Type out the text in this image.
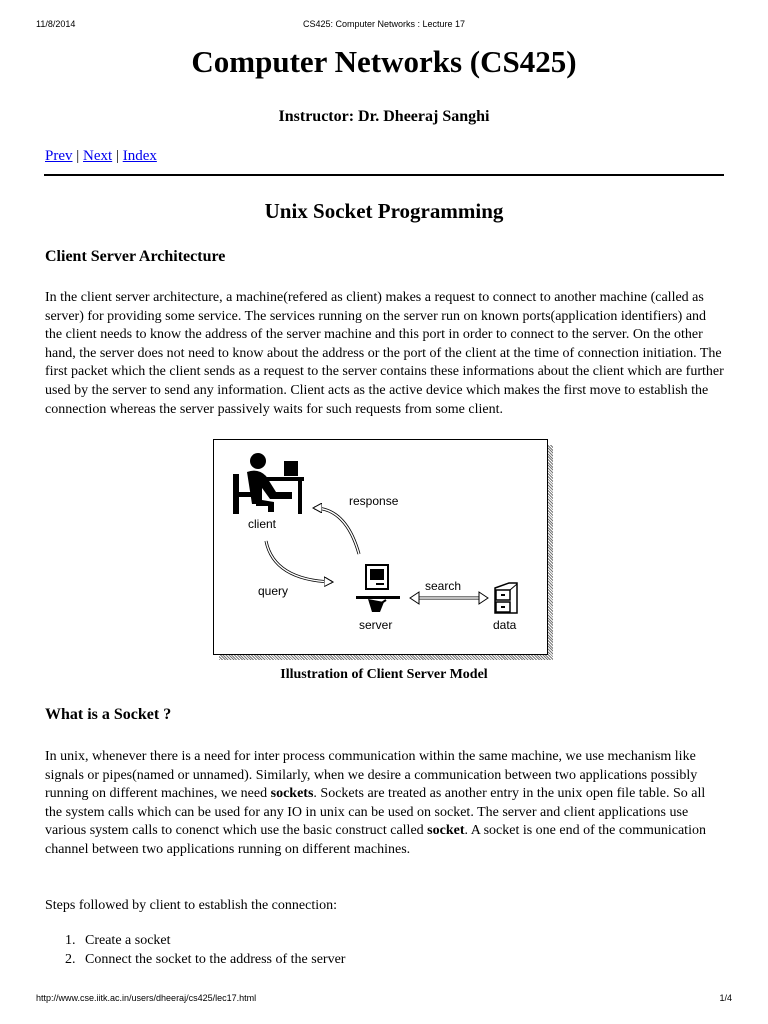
11/8/2014	CS425: Computer Networks : Lecture 17
Computer Networks (CS425)
Instructor: Dr. Dheeraj Sanghi
Prev | Next | Index
Unix Socket Programming
Client Server Architecture
In the client server architecture, a machine(refered as client) makes a request to connect to another machine (called as server) for providing some service. The services running on the server run on known ports(application identifiers) and the client needs to know the address of the server machine and this port in order to connect to the server. On the other hand, the server does not need to know about the address or the port of the client at the time of connection initiation. The first packet which the client sends as a request to the server contains these informations about the client which are further used by the server to send any information. Client acts as the active device which makes the first move to establish the connection whereas the server passively waits for such requests from some client.
client
response
query
server
search
data
Illustration of Client Server Model
What is a Socket ?
In unix, whenever there is a need for inter process communication within the same machine, we use mechanism like signals or pipes(named or unnamed). Similarly, when we desire a communication between two applications possibly running on different machines, we need sockets. Sockets are treated as another entry in the unix open file table. So all the system calls which can be used for any IO in unix can be used on socket. The server and client applications use various system calls to conenct which use the basic construct called socket. A socket is one end of the communication channel between two applications running on different machines.
Steps followed by client to establish the connection:
1. Create a socket
2. Connect the socket to the address of the server
http://www.cse.iitk.ac.in/users/dheeraj/cs425/lec17.html	1/4
